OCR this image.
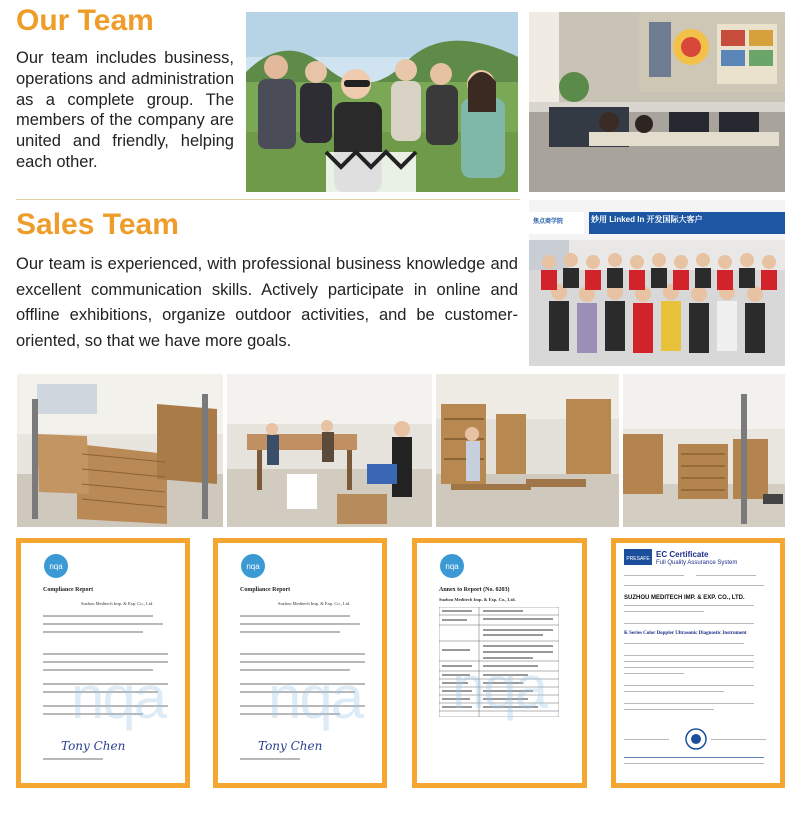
Our Team

Our team includes business, operations and administration as a complete group. The members of the company are united and friendly, helping each other.

Sales Team

Our team is experienced, with professional business knowledge and excellent communication skills. Actively participate in online and offline exhibitions, organize outdoor activities, and be customer-oriented, so that we have more goals.

妙用 Linked In 开发国际大客户
焦点商学院
nqa
Compliance Report
Suzhou Meditech Imp. & Exp. Co., Ltd.
nqa
Tony Chen
nqa
Compliance Report
Suzhou Meditech Imp. & Exp. Co., Ltd.
nqa
Tony Chen
nqa
Annex to Report (No. 0203)
Suzhou Meditech Imp. & Exp. Co., Ltd.
nqa
PRESAFE EC Certificate
Full Quality Assurance System
SUZHOU MEDITECH IMP. & EXP. CO., LTD.
K Series Color Doppler Ultrasonic Diagnostic Instrument
